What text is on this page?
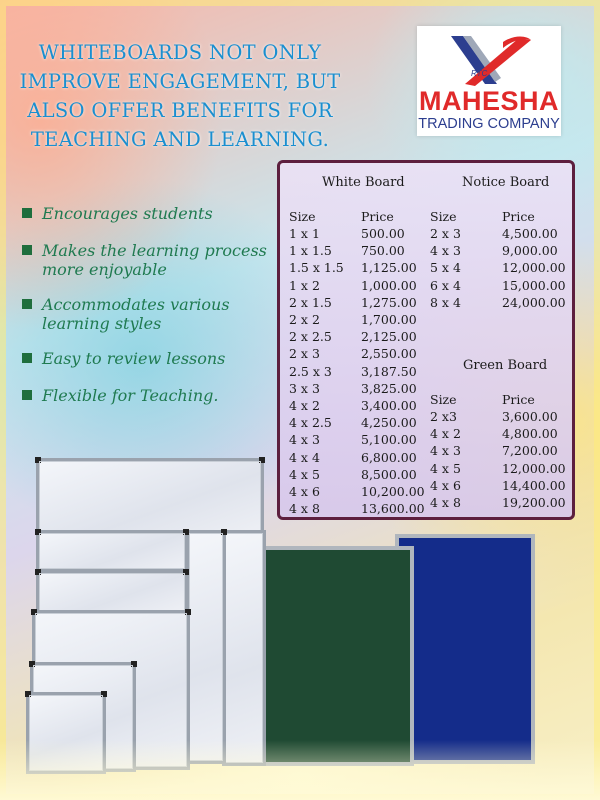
WHITEBOARDS NOT ONLY IMPROVE ENGAGEMENT, BUT ALSO OFFER BENEFITS FOR TEACHING AND LEARNING.
RTC
MAHESHA
TRADING COMPANY
Encourages students
Makes the learning process more enjoyable
Accommodates various learning styles
Easy to review lessons
Flexible for Teaching.
White Board
Size	Price
1 x 1	500.00
1 x 1.5 750.00
1.5 x 1.5 1,125.00
1 x 2	1,000.00
2 x 1.5 1,275.00
2 x 2	1,700.00
2 x 2.5 2,125.00
2 x 3	2,550.00
2.5 x 3 3,187.50
3 x 3	3,825.00
4 x 2	3,400.00
4 x 2.5 4,250.00
4 x 3	5,100.00
4 x 4	6,800.00
4 x 5	8,500.00
4 x 6	10,200.00
4 x 8	13,600.00
Notice Board
Size	Price
2 x 3	4,500.00
4 x 3	9,000.00
5 x 4	12,000.00
6 x 4	15,000.00
8 x 4	24,000.00
Green Board
Size	Price
2 x3	3,600.00
4 x 2	4,800.00
4 x 3	7,200.00
4 x 5	12,000.00
4 x 6	14,400.00
4 x 8	19,200.00
